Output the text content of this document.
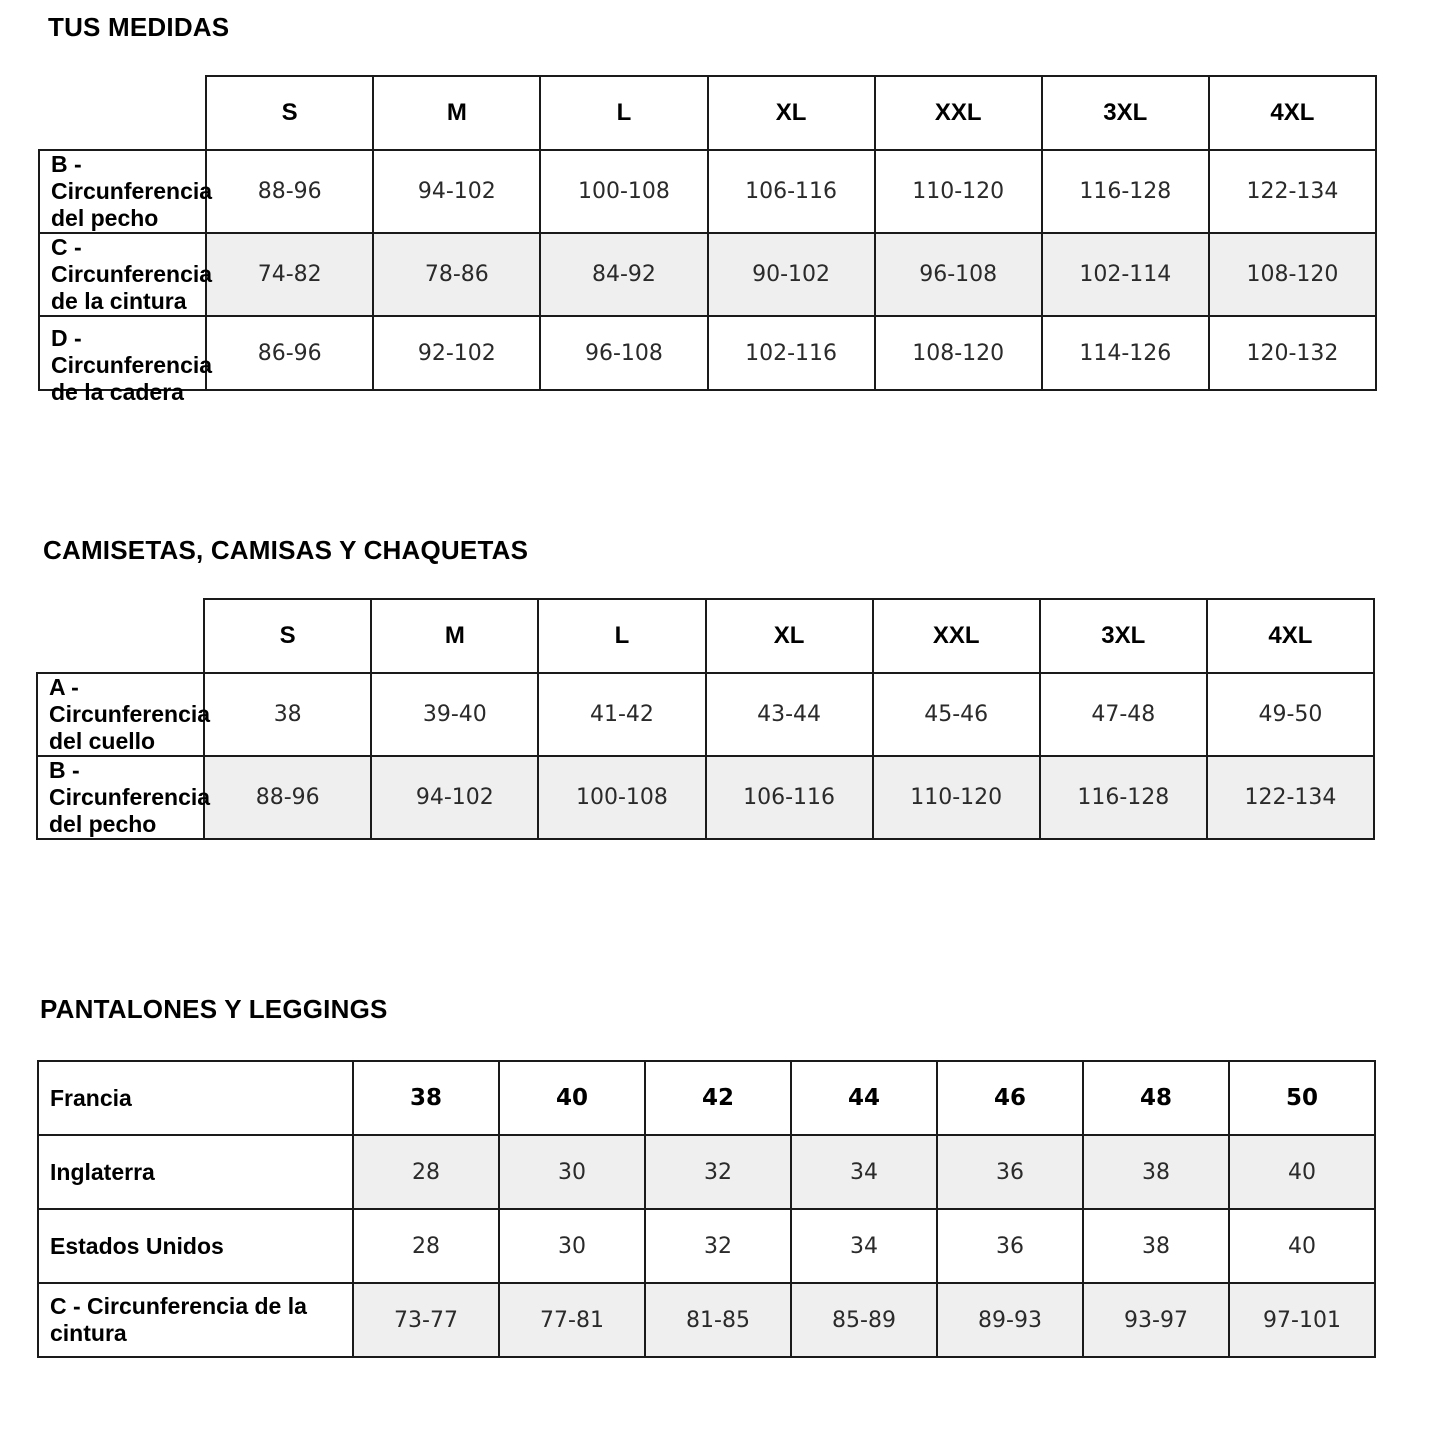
TUS MEDIDAS
	S	M	L	XL	XXL	3XL	4XL
B - Circunferencia del pecho	88-96	94-102	100-108	106-116	110-120	116-128	122-134
C - Circunferencia de la cintura	74-82	78-86	84-92	90-102	96-108	102-114	108-120

D - Circunferencia de la cadera	86-96	92-102	96-108	102-116	108-120	114-126	120-132
CAMISETAS, CAMISAS Y CHAQUETAS
	S	M	L	XL	XXL	3XL	4XL
A - Circunferencia del cuello	38	39-40	41-42	43-44	45-46	47-48	49-50
B - Circunferencia del pecho	88-96	94-102	100-108	106-116	110-120	116-128	122-134
PANTALONES Y LEGGINGS
Francia	38	40	42	44	46	48	50
Inglaterra	28	30	32	34	36	38	40
Estados Unidos	28	30	32	34	36	38	40
C - Circunferencia de la cintura	73-77	77-81	81-85	85-89	89-93	93-97	97-101
